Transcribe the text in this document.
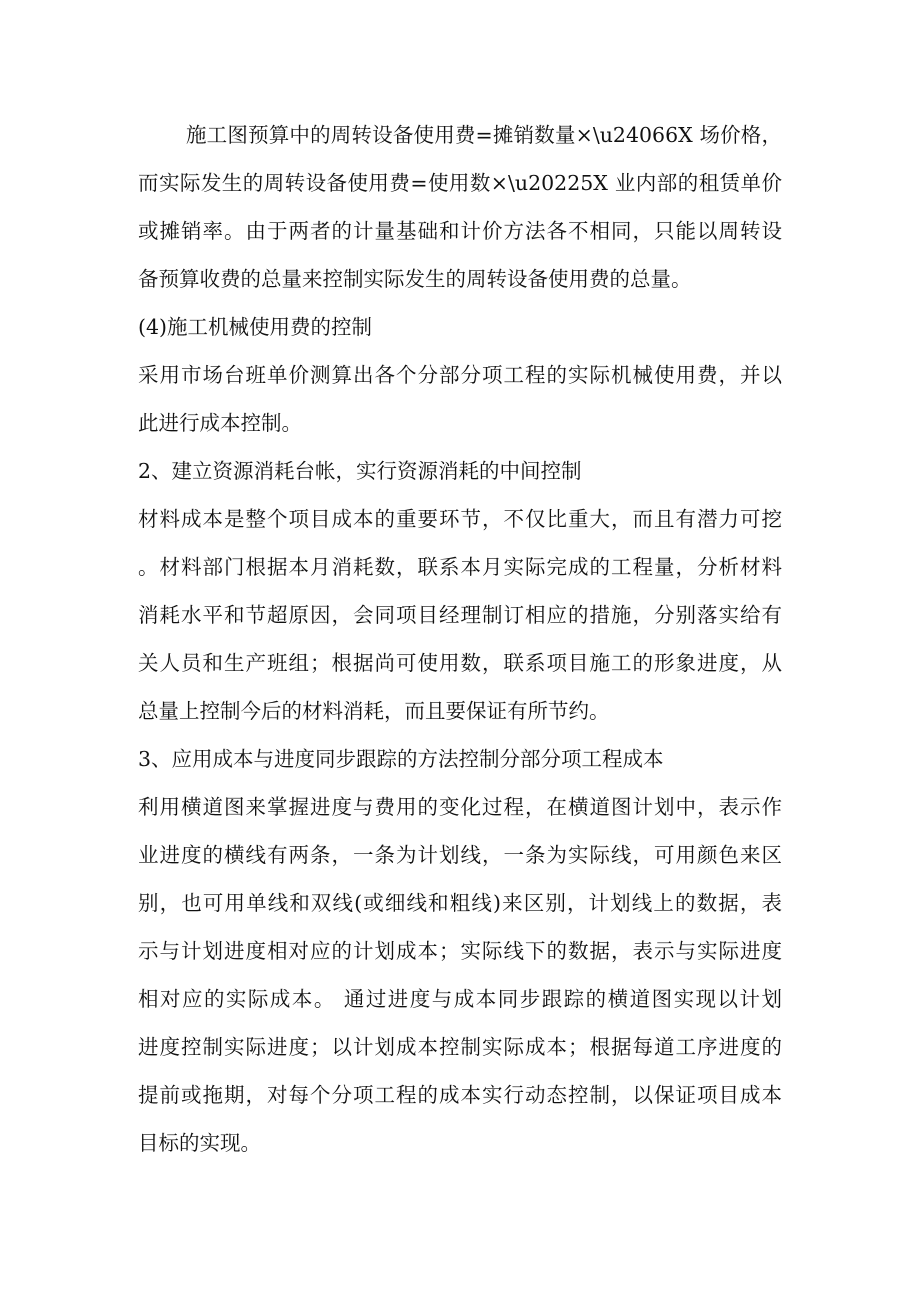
施工图预算中的周转设备使用费=摊销数量×\u24066X 场价格，
而实际发生的周转设备使用费=使用数×\u20225X 业内部的租赁单价
或摊销率。由于两者的计量基础和计价方法各不相同，只能以周转设
备预算收费的总量来控制实际发生的周转设备使用费的总量。
(4)施工机械使用费的控制
采用市场台班单价测算出各个分部分项工程的实际机械使用费，并以
此进行成本控制。
2、建立资源消耗台帐，实行资源消耗的中间控制
材料成本是整个项目成本的重要环节，不仅比重大，而且有潜力可挖
。材料部门根据本月消耗数，联系本月实际完成的工程量，分析材料
消耗水平和节超原因，会同项目经理制订相应的措施，分别落实给有
关人员和生产班组；根据尚可使用数，联系项目施工的形象进度，从
总量上控制今后的材料消耗，而且要保证有所节约。
3、应用成本与进度同步跟踪的方法控制分部分项工程成本
利用横道图来掌握进度与费用的变化过程，在横道图计划中，表示作
业进度的横线有两条，一条为计划线，一条为实际线，可用颜色来区
别，也可用单线和双线(或细线和粗线)来区别，计划线上的数据，表
示与计划进度相对应的计划成本；实际线下的数据，表示与实际进度
相对应的实际成本。 通过进度与成本同步跟踪的横道图实现以计划
进度控制实际进度；以计划成本控制实际成本；根据每道工序进度的
提前或拖期，对每个分项工程的成本实行动态控制，以保证项目成本
目标的实现。
